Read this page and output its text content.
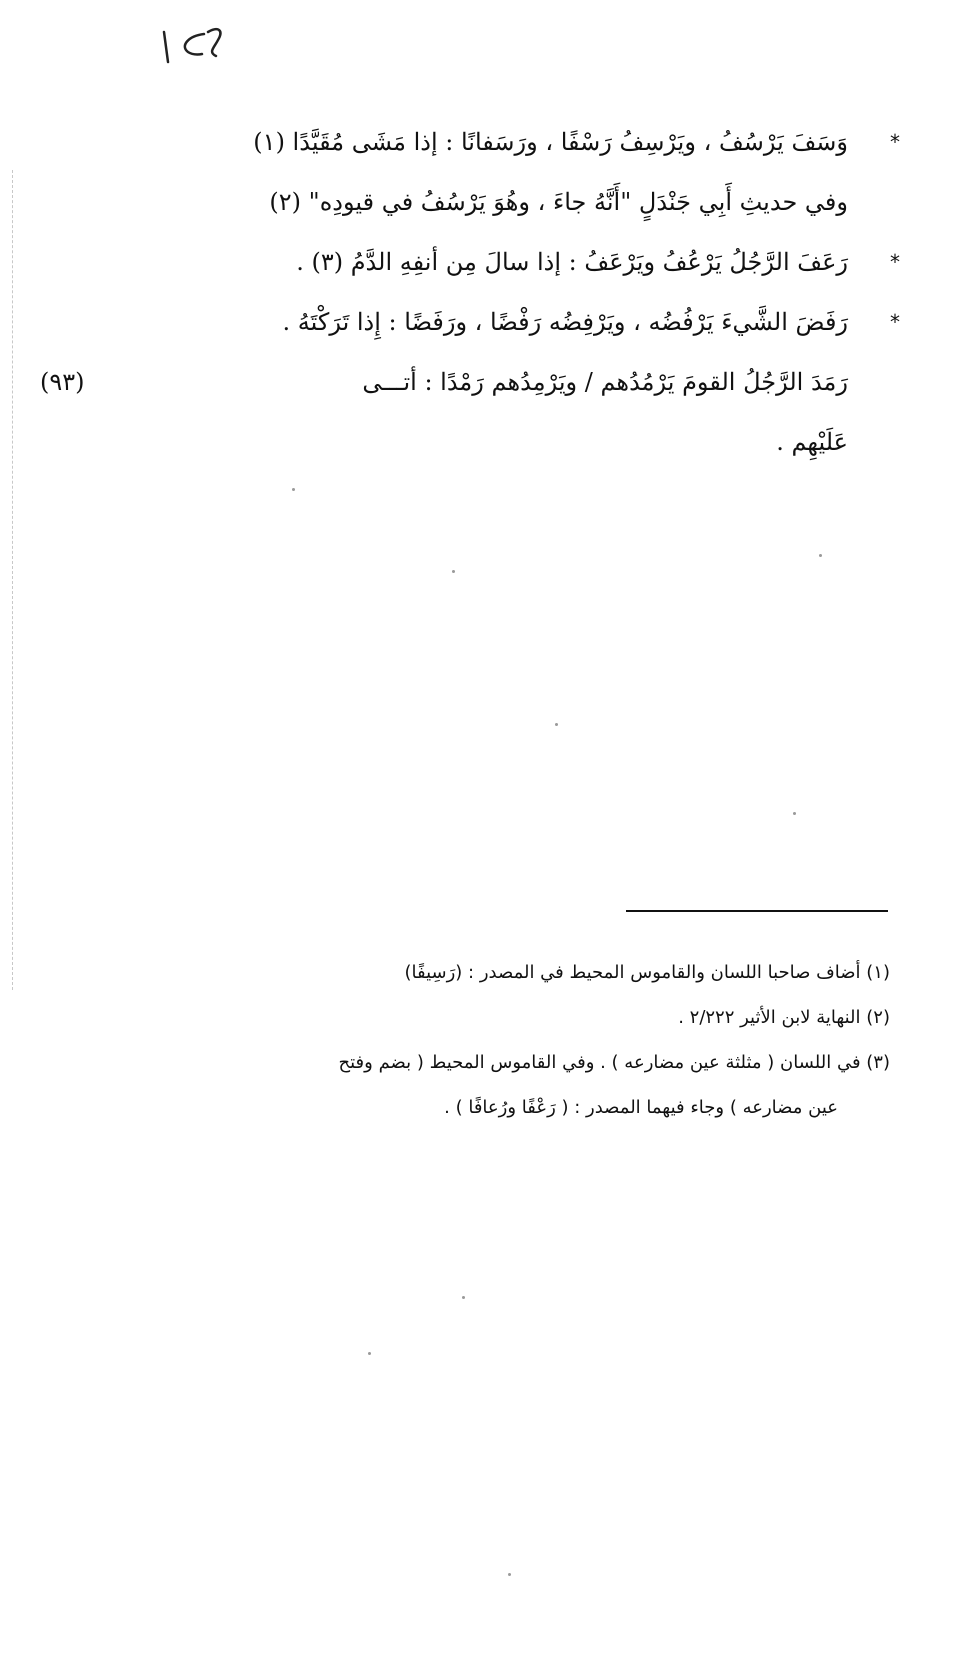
*
وَسَفَ يَرْسُفُ ، ويَرْسِفُ رَسْفًا ، ورَسَفانًا : إذا مَشَى مُقَيَّدًا (١)
وفي حديثِ أَبِي جَنْدَلٍ "أَنَّهُ جاءَ ، وهُوَ يَرْسُفُ في قيودِه" (٢)
*
رَعَفَ الرَّجُلُ يَرْعُفُ ويَرْعَفُ : إذا سالَ مِن أنفِهِ الدَّمُ (٣) .
*
رَفَضَ الشَّيءَ يَرْفُضُه ، ويَرْفِضُه رَفْضًا ، ورَفَضًا : إِذا تَرَكْتَهُ .
رَمَدَ الرَّجُلُ القومَ يَرْمُدُهم / ويَرْمِدُهم رَمْدًا : أتـــى
(٩٣)
عَلَيْهِم .
(١) أضاف صاحبا اللسان والقاموس المحيط في المصدر : (رَسِيفًا)
(٢) النهاية لابن الأثير ٢/٢٢٢ .
(٣) في اللسان ( مثلثة عين مضارعه ) . وفي القاموس المحيط ( بضم وفتح
عين مضارعه ) وجاء فيهما المصدر : ( رَعْفًا ورُعافًا ) .
